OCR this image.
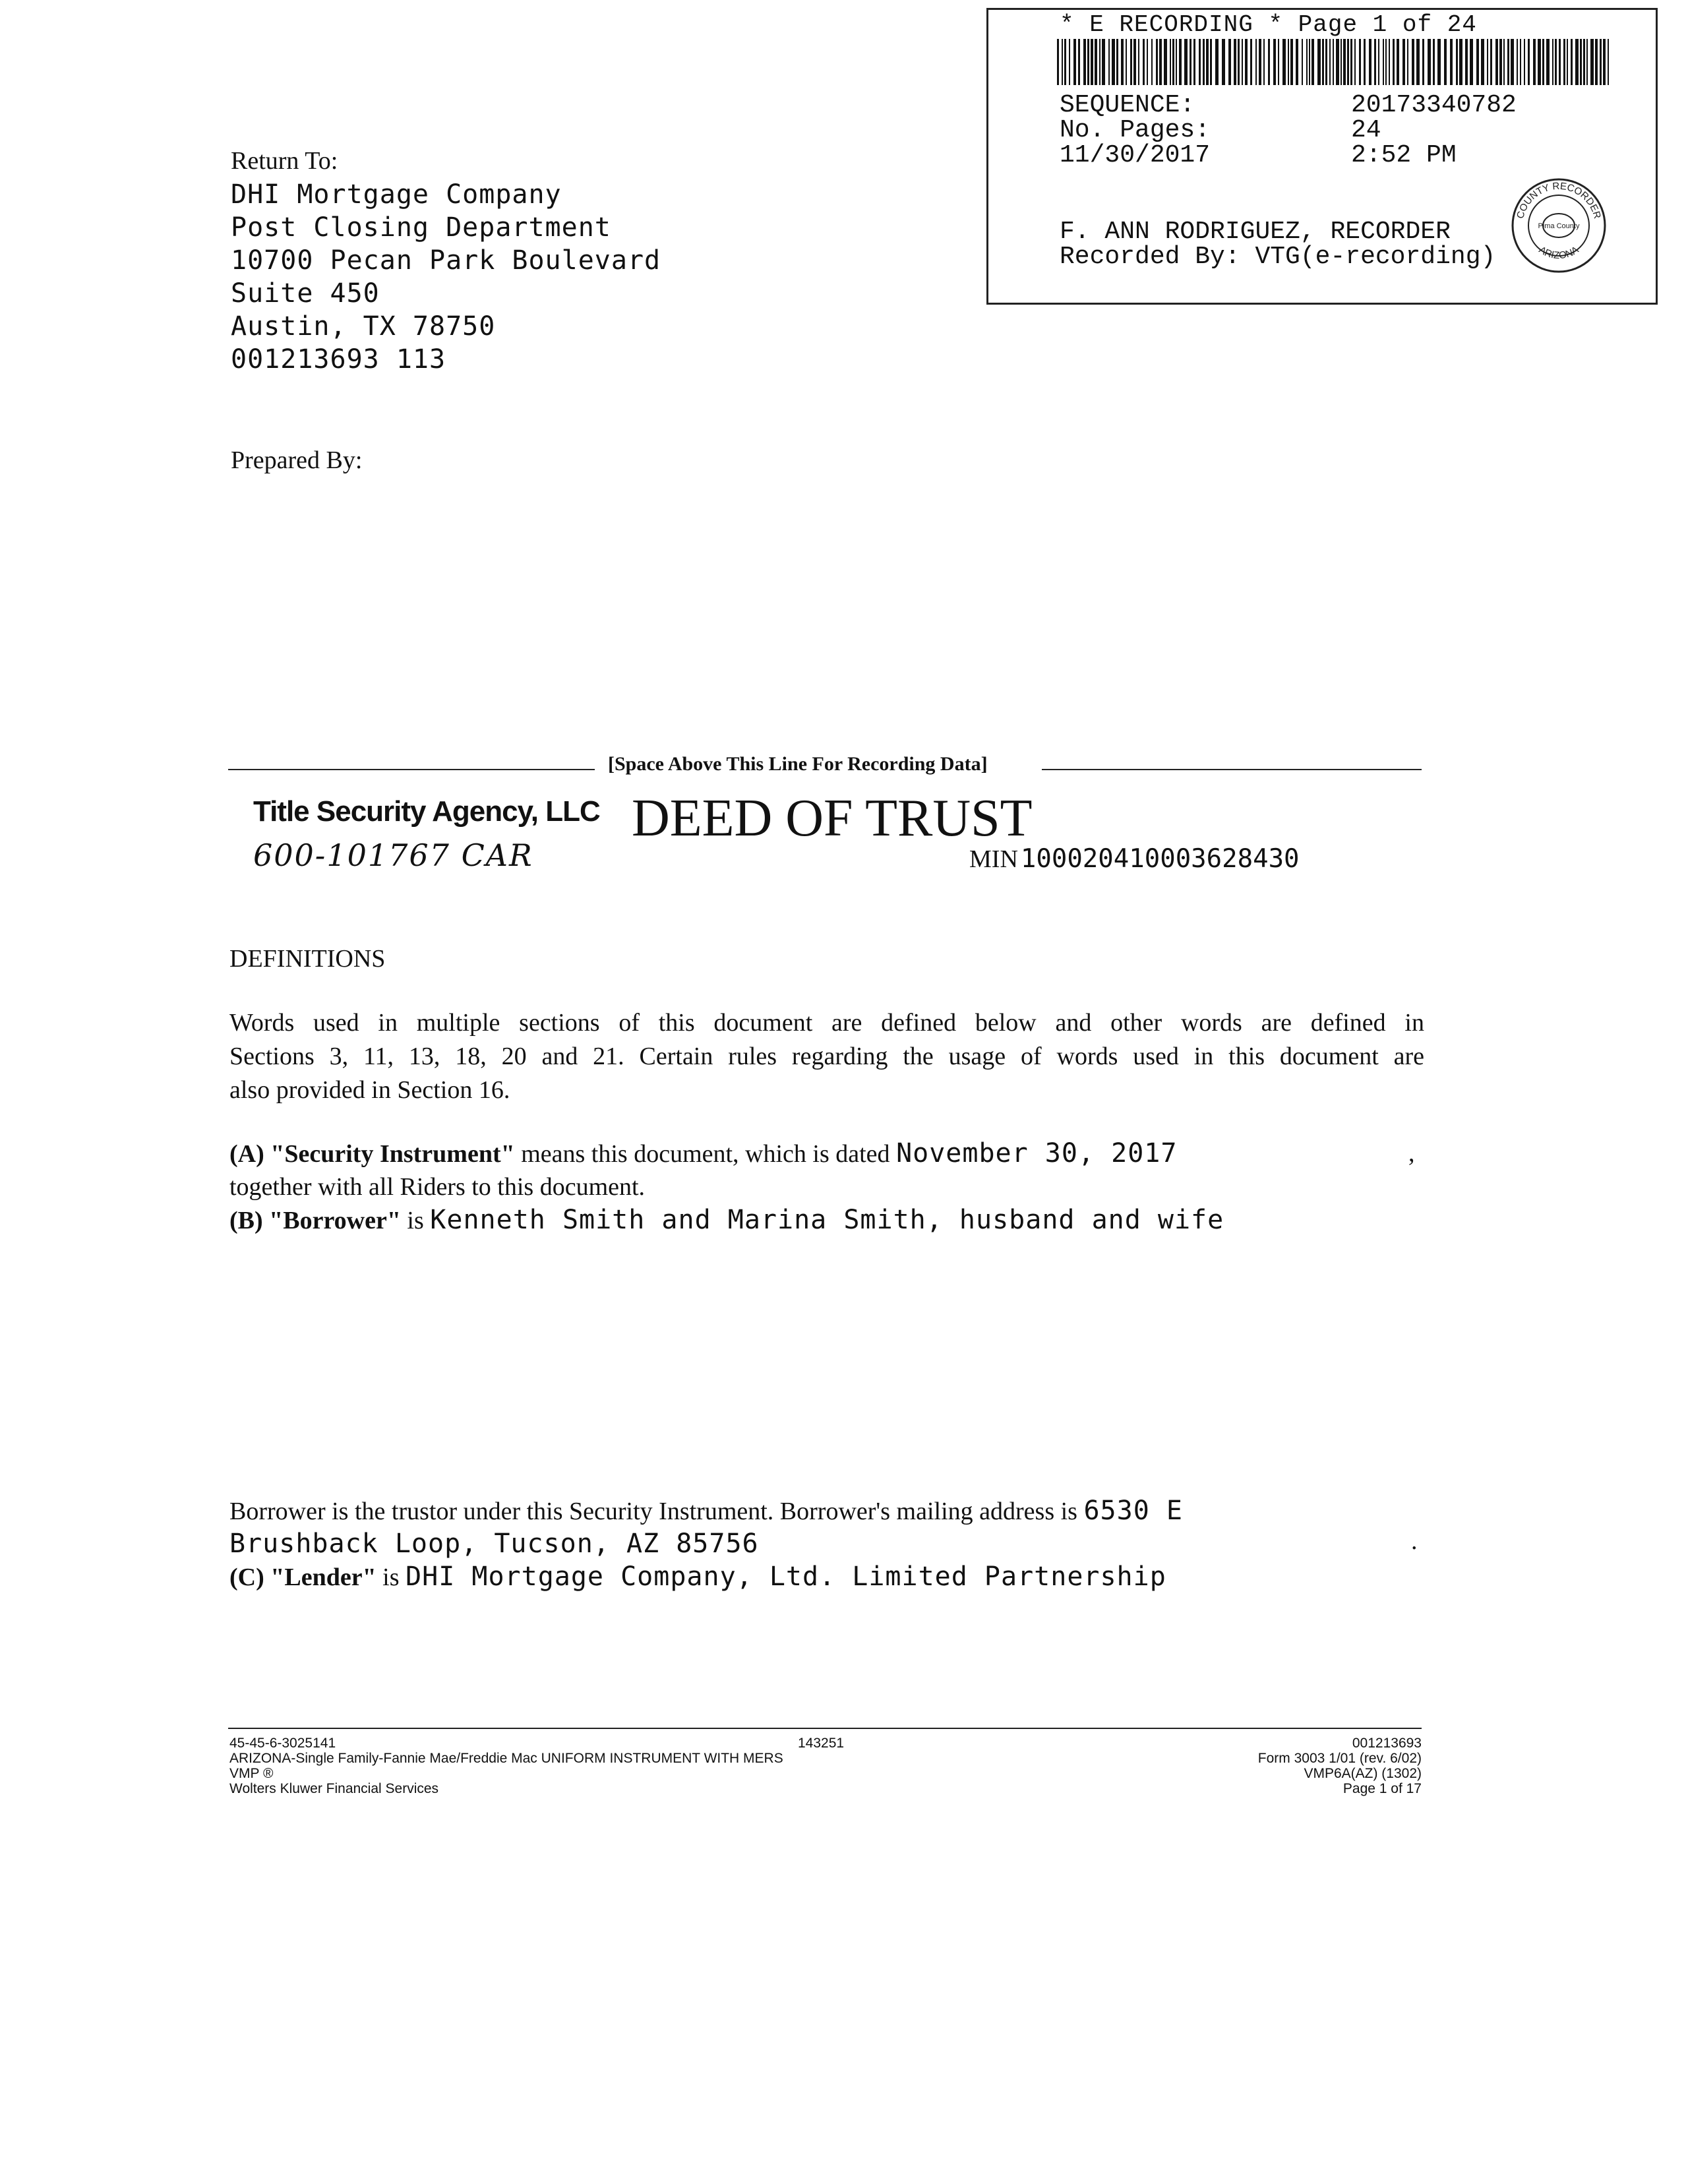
* E RECORDING * Page 1 of 24
SEQUENCE:	20173340782
No. Pages:	24
11/30/2017	2:52 PM
F. ANN RODRIGUEZ, RECORDER
Recorded By: VTG(e-recording)
COUNTY RECORDER
ARIZONA
Pima County
Return To:
DHI Mortgage Company
Post Closing Department
10700 Pecan Park Boulevard
Suite 450
Austin, TX 78750
001213693 113
Prepared By:
[Space Above This Line For Recording Data]
Title Security Agency, LLC
600-101767 CAR
DEED OF TRUST
MIN 100020410003628430
DEFINITIONS
Words used in multiple sections of this document are defined below and other words are defined in
Sections 3, 11, 13, 18, 20 and 21. Certain rules regarding the usage of words used in this document are
also provided in Section 16.
(A) "Security Instrument" means this document, which is dated November 30, 2017	,
together with all Riders to this document.
(B) "Borrower" is Kenneth Smith and Marina Smith, husband and wife
Borrower is the trustor under this Security Instrument. Borrower's mailing address is 6530 E
Brushback Loop, Tucson, AZ 85756	.
(C) "Lender" is DHI Mortgage Company, Ltd. Limited Partnership
45-45-6-3025141
ARIZONA-Single Family-Fannie Mae/Freddie Mac UNIFORM INSTRUMENT WITH MERS
VMP ®
Wolters Kluwer Financial Services
143251	001213693
Form 3003 1/01 (rev. 6/02)
VMP6A(AZ) (1302)
Page 1 of 17
